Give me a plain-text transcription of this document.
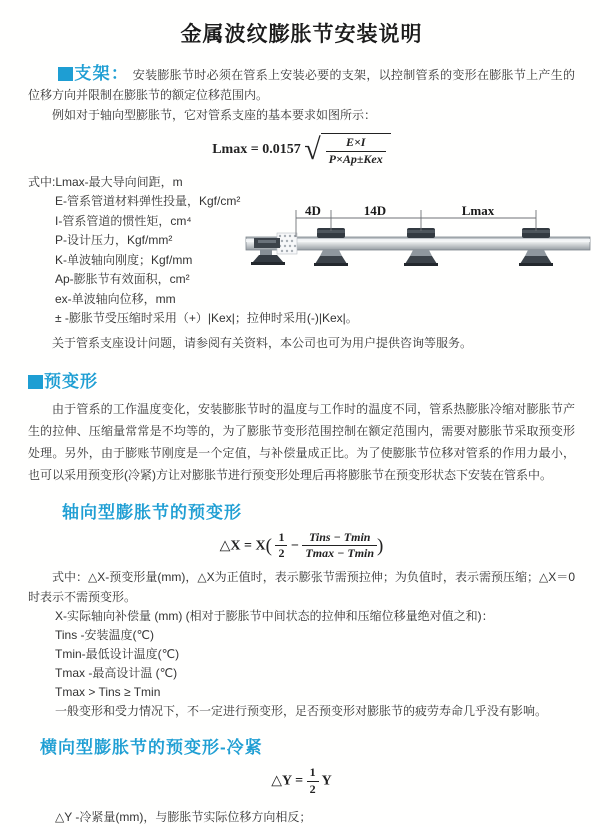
金属波纹膨胀节安装说明

支架： 安装膨胀节时必须在管系上安装必要的支架，以控制管系的变形在膨胀节上产生的位移方向并限制在膨胀节的额定位移范围内。

例如对于轴向型膨胀节，它对管系支座的基本要求如图所示：

Lmax = 0.0157 √ $\frac{E\times I}{\text{P×Ap±Kex}}$
式中:Lmax-最大导向间距，m
E-管系管道材料弹性投量，Kgf/cm²
I-管系管道的惯性矩，cm⁴
P-设计压力，Kgf/mm²
K-单波轴向刚度；Kgf/mm
Ap-膨胀节有效面积，cm²
ex-单波轴向位移，mm
± -膨胀节受压缩时采用（+）|Kex|；拉伸时采用(-)|Kex|。
4D	14D	Lmax

关于管系支座设计问题，请参阅有关资料，本公司也可为用户提供咨询等服务。

预变形

由于管系的工作温度变化，安装膨胀节时的温度与工作时的温度不同，管系热膨胀冷缩对膨胀节产生的拉伸、压缩量常常是不均等的，为了膨胀节变形范围控制在额定范围内，需要对膨胀节采取预变形处理。另外，由于膨账节刚度是一个定值，与补偿量成正比。为了使膨胀节位移对管系的作用力最小，也可以采用预变形(冷紧)方让对膨胀节进行预变形处理后再将膨胀节在预变形状态下安装在管系中。

轴向型膨胀节的预变形
△X = $X( \frac{1}{2} - \frac{\text{Tins − Tmin}}{Tmax - Tmin}$ )

式中：△X-预变形量(mm)，△X为正值时，表示膨张节需预拉伸；为负值时，表示需预压缩；△X＝0时表示不需预变形。

X-实际轴向补偿量 (mm) (相对于膨胀节中间状态的拉伸和压缩位移量绝对值之和)：
Tins -安装温度(℃)
Tmin-最低设计温度(℃)
Tmax -最高设计温 (℃)
Tmax > Tins ≥ Tmin
一般变形和受力情况下，不一定进行预变形，足否预变形对膨胀节的疲劳寿命几乎没有影响。
横向型膨胀节的预变形-冷紧
△Y = $\frac{1}{2}$ Y

△Y -冷紧量(mm)，与膨胀节实际位移方向相反；
